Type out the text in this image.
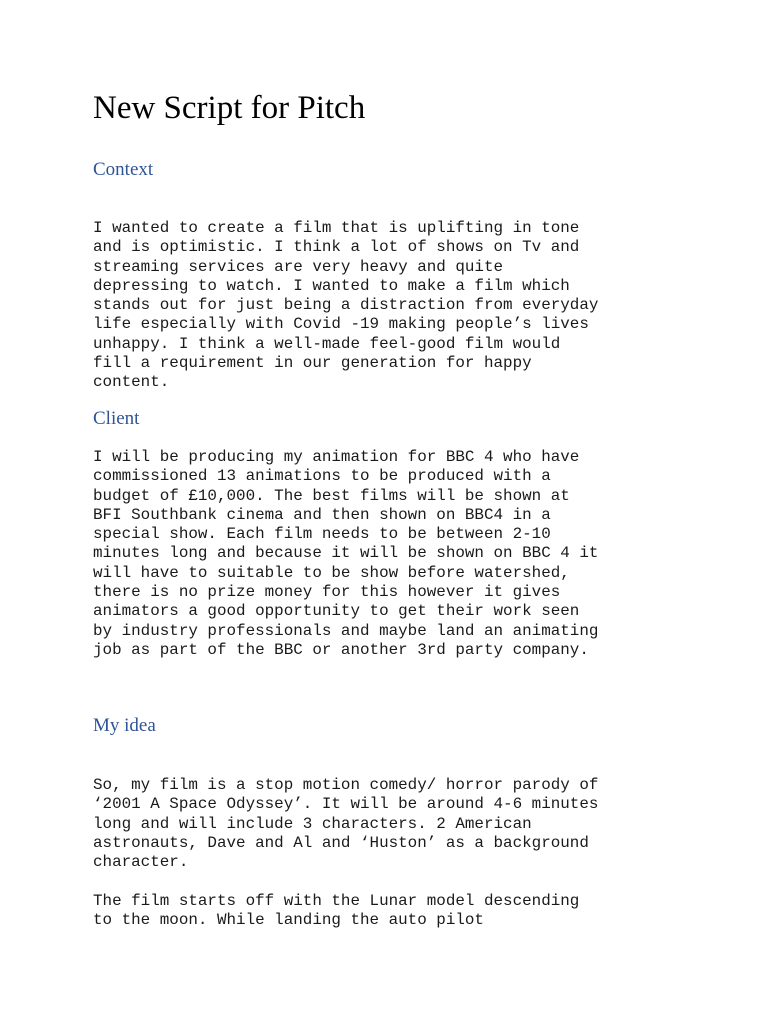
New Script for Pitch
Context

I wanted to create a film that is uplifting in tone
and is optimistic. I think a lot of shows on Tv and
streaming services are very heavy and quite
depressing to watch. I wanted to make a film which
stands out for just being a distraction from everyday
life especially with Covid -19 making people’s lives
unhappy. I think a well-made feel-good film would
fill a requirement in our generation for happy
content.

Client

I will be producing my animation for BBC 4 who have
commissioned 13 animations to be produced with a
budget of £10,000. The best films will be shown at
BFI Southbank cinema and then shown on BBC4 in a
special show. Each film needs to be between 2-10
minutes long and because it will be shown on BBC 4 it
will have to suitable to be show before watershed,
there is no prize money for this however it gives
animators a good opportunity to get their work seen
by industry professionals and maybe land an animating
job as part of the BBC or another 3rd party company.

My idea

So, my film is a stop motion comedy/ horror parody of
‘2001 A Space Odyssey’. It will be around 4-6 minutes
long and will include 3 characters. 2 American
astronauts, Dave and Al and ‘Huston’ as a background
character.

The film starts off with the Lunar model descending
to the moon. While landing the auto pilot
